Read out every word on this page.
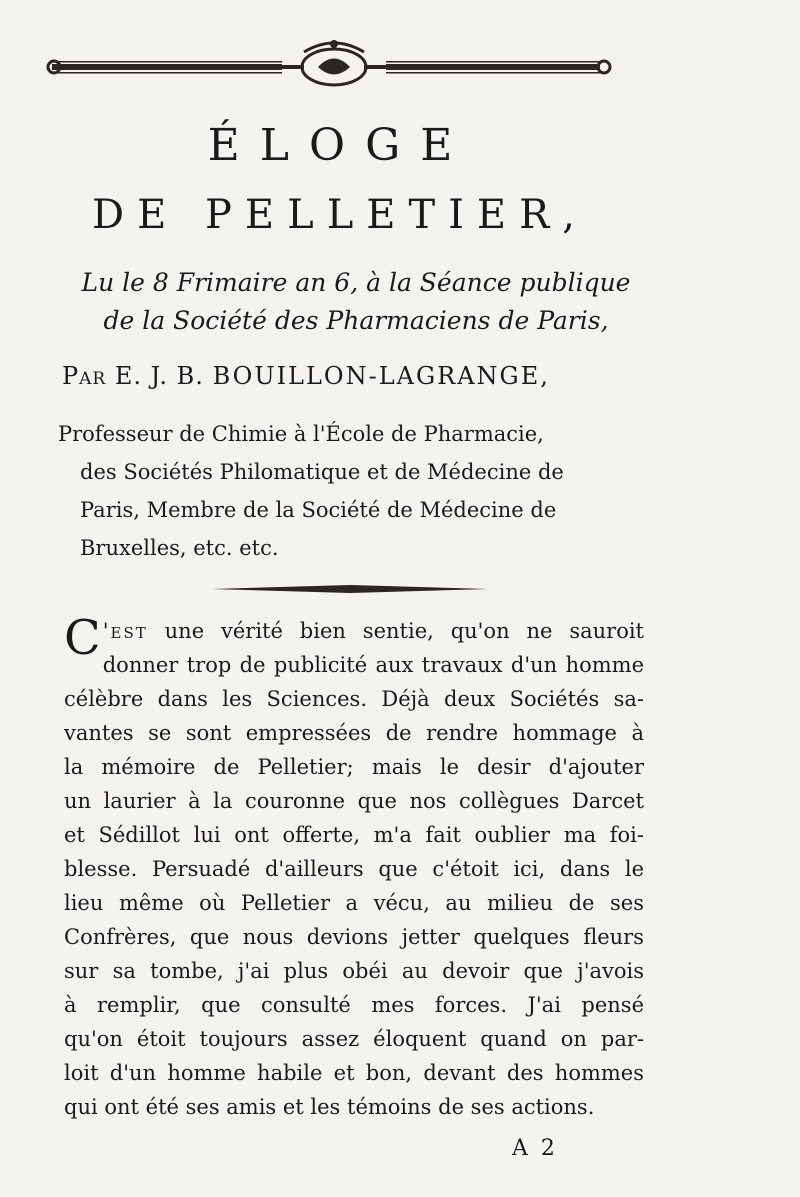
ÉLOGE
DE PELLETIER,
Lu le 8 Frimaire an 6, à la Séance publique
de la Société des Pharmaciens de Paris,
Par E. J. B. BOUILLON-LAGRANGE,
Professeur de Chimie à l'École de Pharmacie,
des Sociétés Philomatique et de Médecine de
Paris, Membre de la Société de Médecine de
Bruxelles, etc. etc.
C 'est une vérité bien sentie, qu'on ne sauroit
donner trop de publicité aux travaux d'un homme
célèbre dans les Sciences. Déjà deux Sociétés sa-
vantes se sont empressées de rendre hommage à
la mémoire de Pelletier; mais le desir d'ajouter
un laurier à la couronne que nos collègues Darcet
et Sédillot lui ont offerte, m'a fait oublier ma foi-
blesse. Persuadé d'ailleurs que c'étoit ici, dans le
lieu même où Pelletier a vécu, au milieu de ses
Confrères, que nous devions jetter quelques fleurs
sur sa tombe, j'ai plus obéi au devoir que j'avois
à remplir, que consulté mes forces. J'ai pensé
qu'on étoit toujours assez éloquent quand on par-
loit d'un homme habile et bon, devant des hommes
qui ont été ses amis et les témoins de ses actions.
A 2
